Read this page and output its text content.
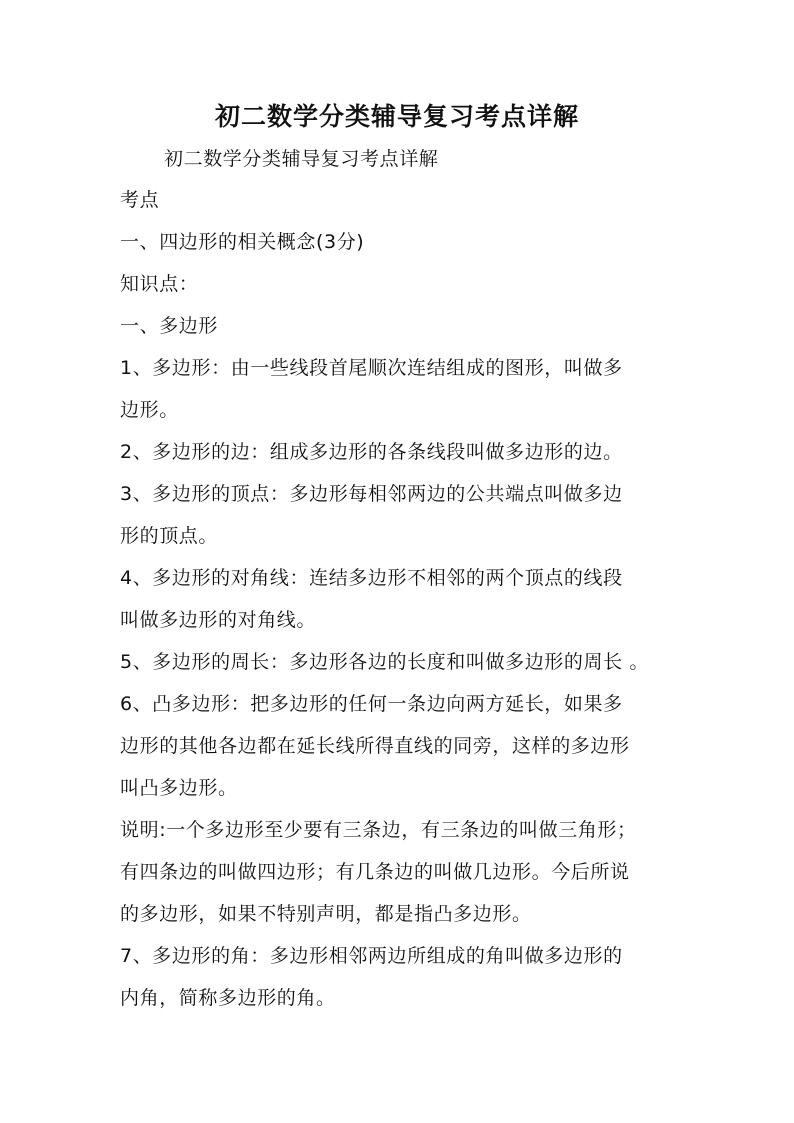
初二数学分类辅导复习考点详解
初二数学分类辅导复习考点详解
考点
一、四边形的相关概念(3分)
知识点：
一、多边形
1、多边形：由一些线段首尾顺次连结组成的图形，叫做多
边形。
2、多边形的边：组成多边形的各条线段叫做多边形的边。
3、多边形的顶点：多边形每相邻两边的公共端点叫做多边
形的顶点。
4、多边形的对角线：连结多边形不相邻的两个顶点的线段
叫做多边形的对角线。
5、多边形的周长：多边形各边的长度和叫做多边形的周长 。
6、凸多边形：把多边形的任何一条边向两方延长，如果多
边形的其他各边都在延长线所得直线的同旁，这样的多边形
叫凸多边形。
说明:一个多边形至少要有三条边，有三条边的叫做三角形；
有四条边的叫做四边形；有几条边的叫做几边形。今后所说
的多边形，如果不特别声明，都是指凸多边形。
7、多边形的角：多边形相邻两边所组成的角叫做多边形的
内角，简称多边形的角。
